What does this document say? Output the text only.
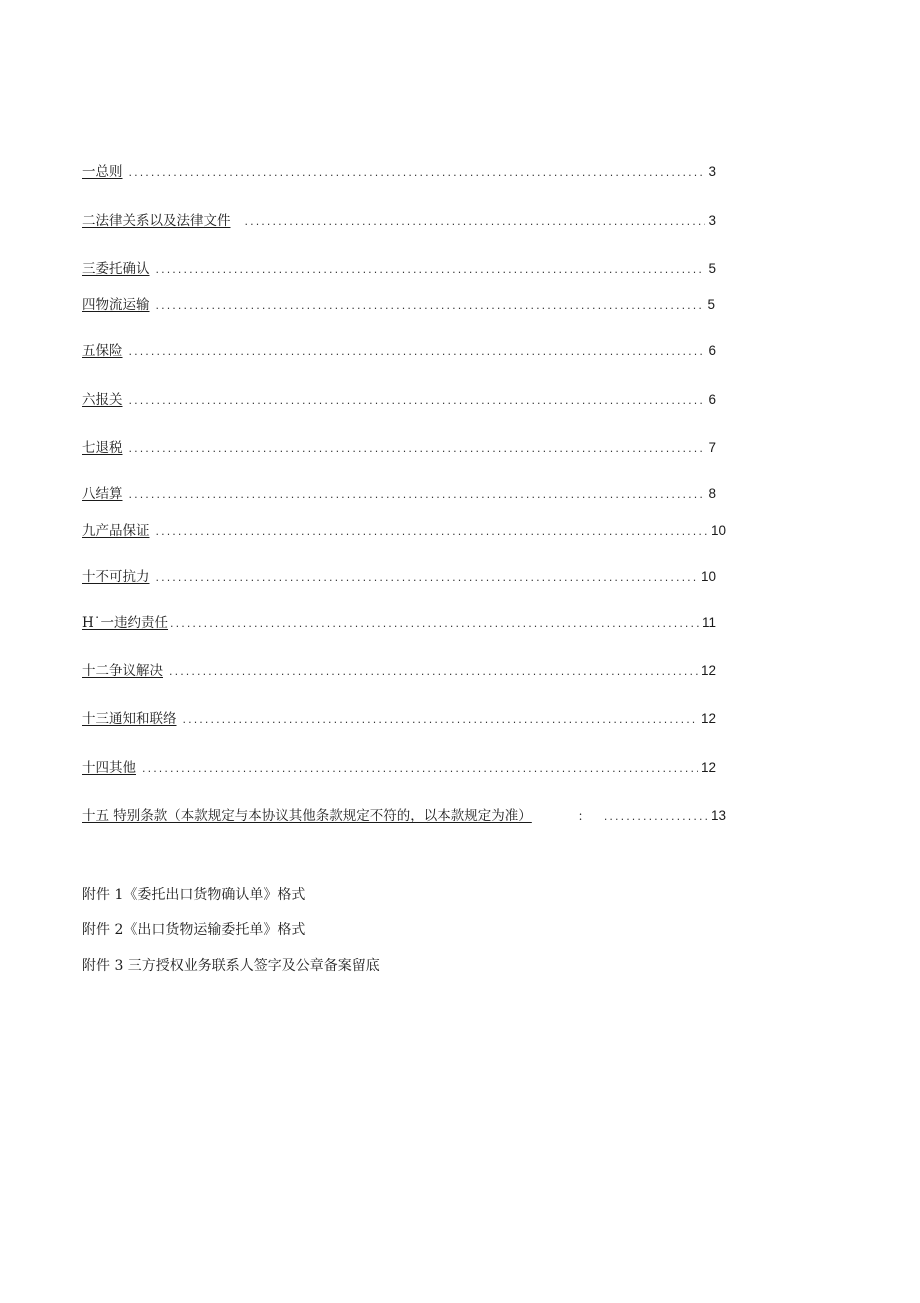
一总则 .....	3
二法律关系以及法律文件 .....	3
三委托确认 .....	5
四物流运输 .....	5
五保险 .....	6
六报关 .....	6
七退税 .....	7
八结算 .....	8
九产品保证 .....	10
十不可抗力 .....	10
H˙一违约责任 .....	11
十二争议解决 .....	12
十三通知和联络 .....	12
十四其他 .....	12
十五 特别条款（本款规定与本协议其他条款规定不符的，以本款规定为准）	： .....	13
附件 1《委托出口货物确认单》格式
附件 2《出口货物运输委托单》格式
附件 3 三方授权业务联系人签字及公章备案留底
